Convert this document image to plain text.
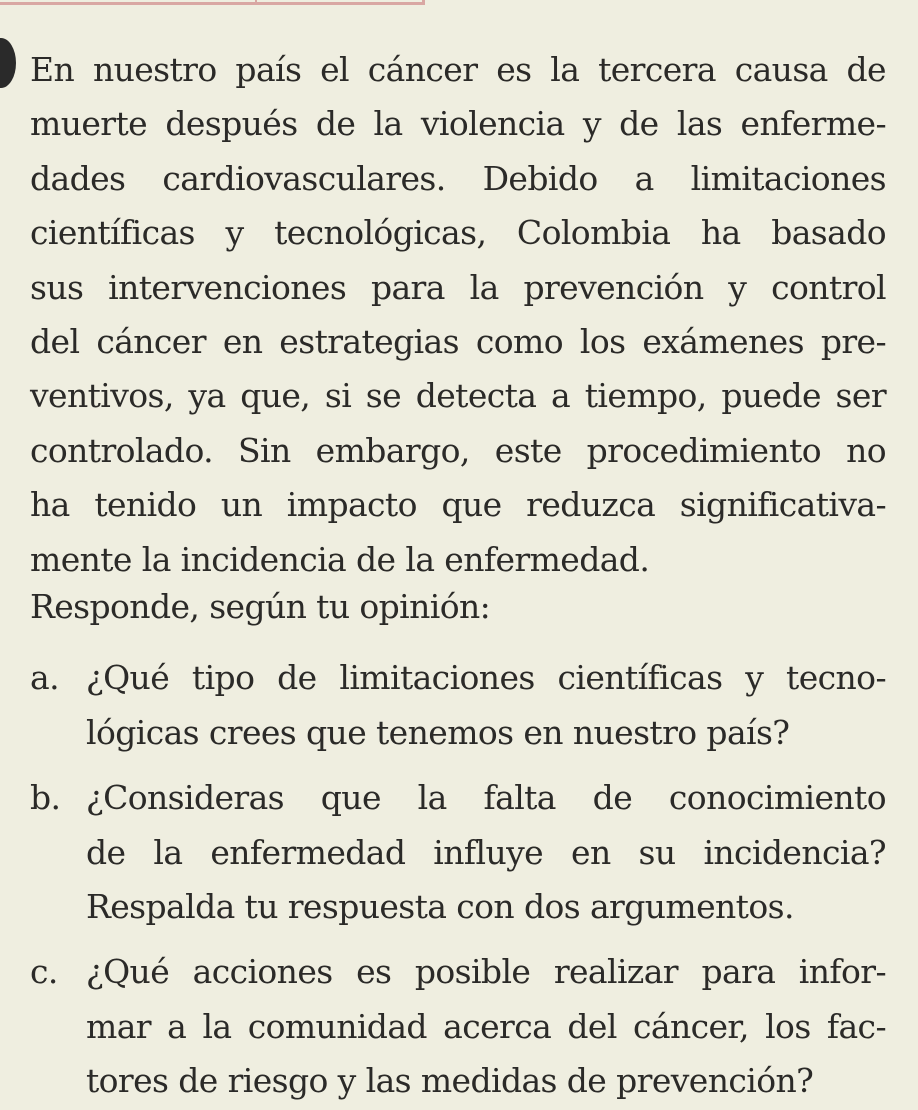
En nuestro país el cáncer es la tercera causa de
muerte después de la violencia y de las enferme-
dades cardiovasculares. Debido a limitaciones
científicas y tecnológicas, Colombia ha basado
sus intervenciones para la prevención y control
del cáncer en estrategias como los exámenes pre-
ventivos, ya que, si se detecta a tiempo, puede ser
controlado. Sin embargo, este procedimiento no
ha tenido un impacto que reduzca significativa-
mente la incidencia de la enfermedad.
Responde, según tu opinión:
a. ¿Qué tipo de limitaciones científicas y tecno-
lógicas crees que tenemos en nuestro país?
b. ¿Consideras que la falta de conocimiento
de la enfermedad influye en su incidencia?
Respalda tu respuesta con dos argumentos.
c. ¿Qué acciones es posible realizar para infor-
mar a la comunidad acerca del cáncer, los fac-
tores de riesgo y las medidas de prevención?
